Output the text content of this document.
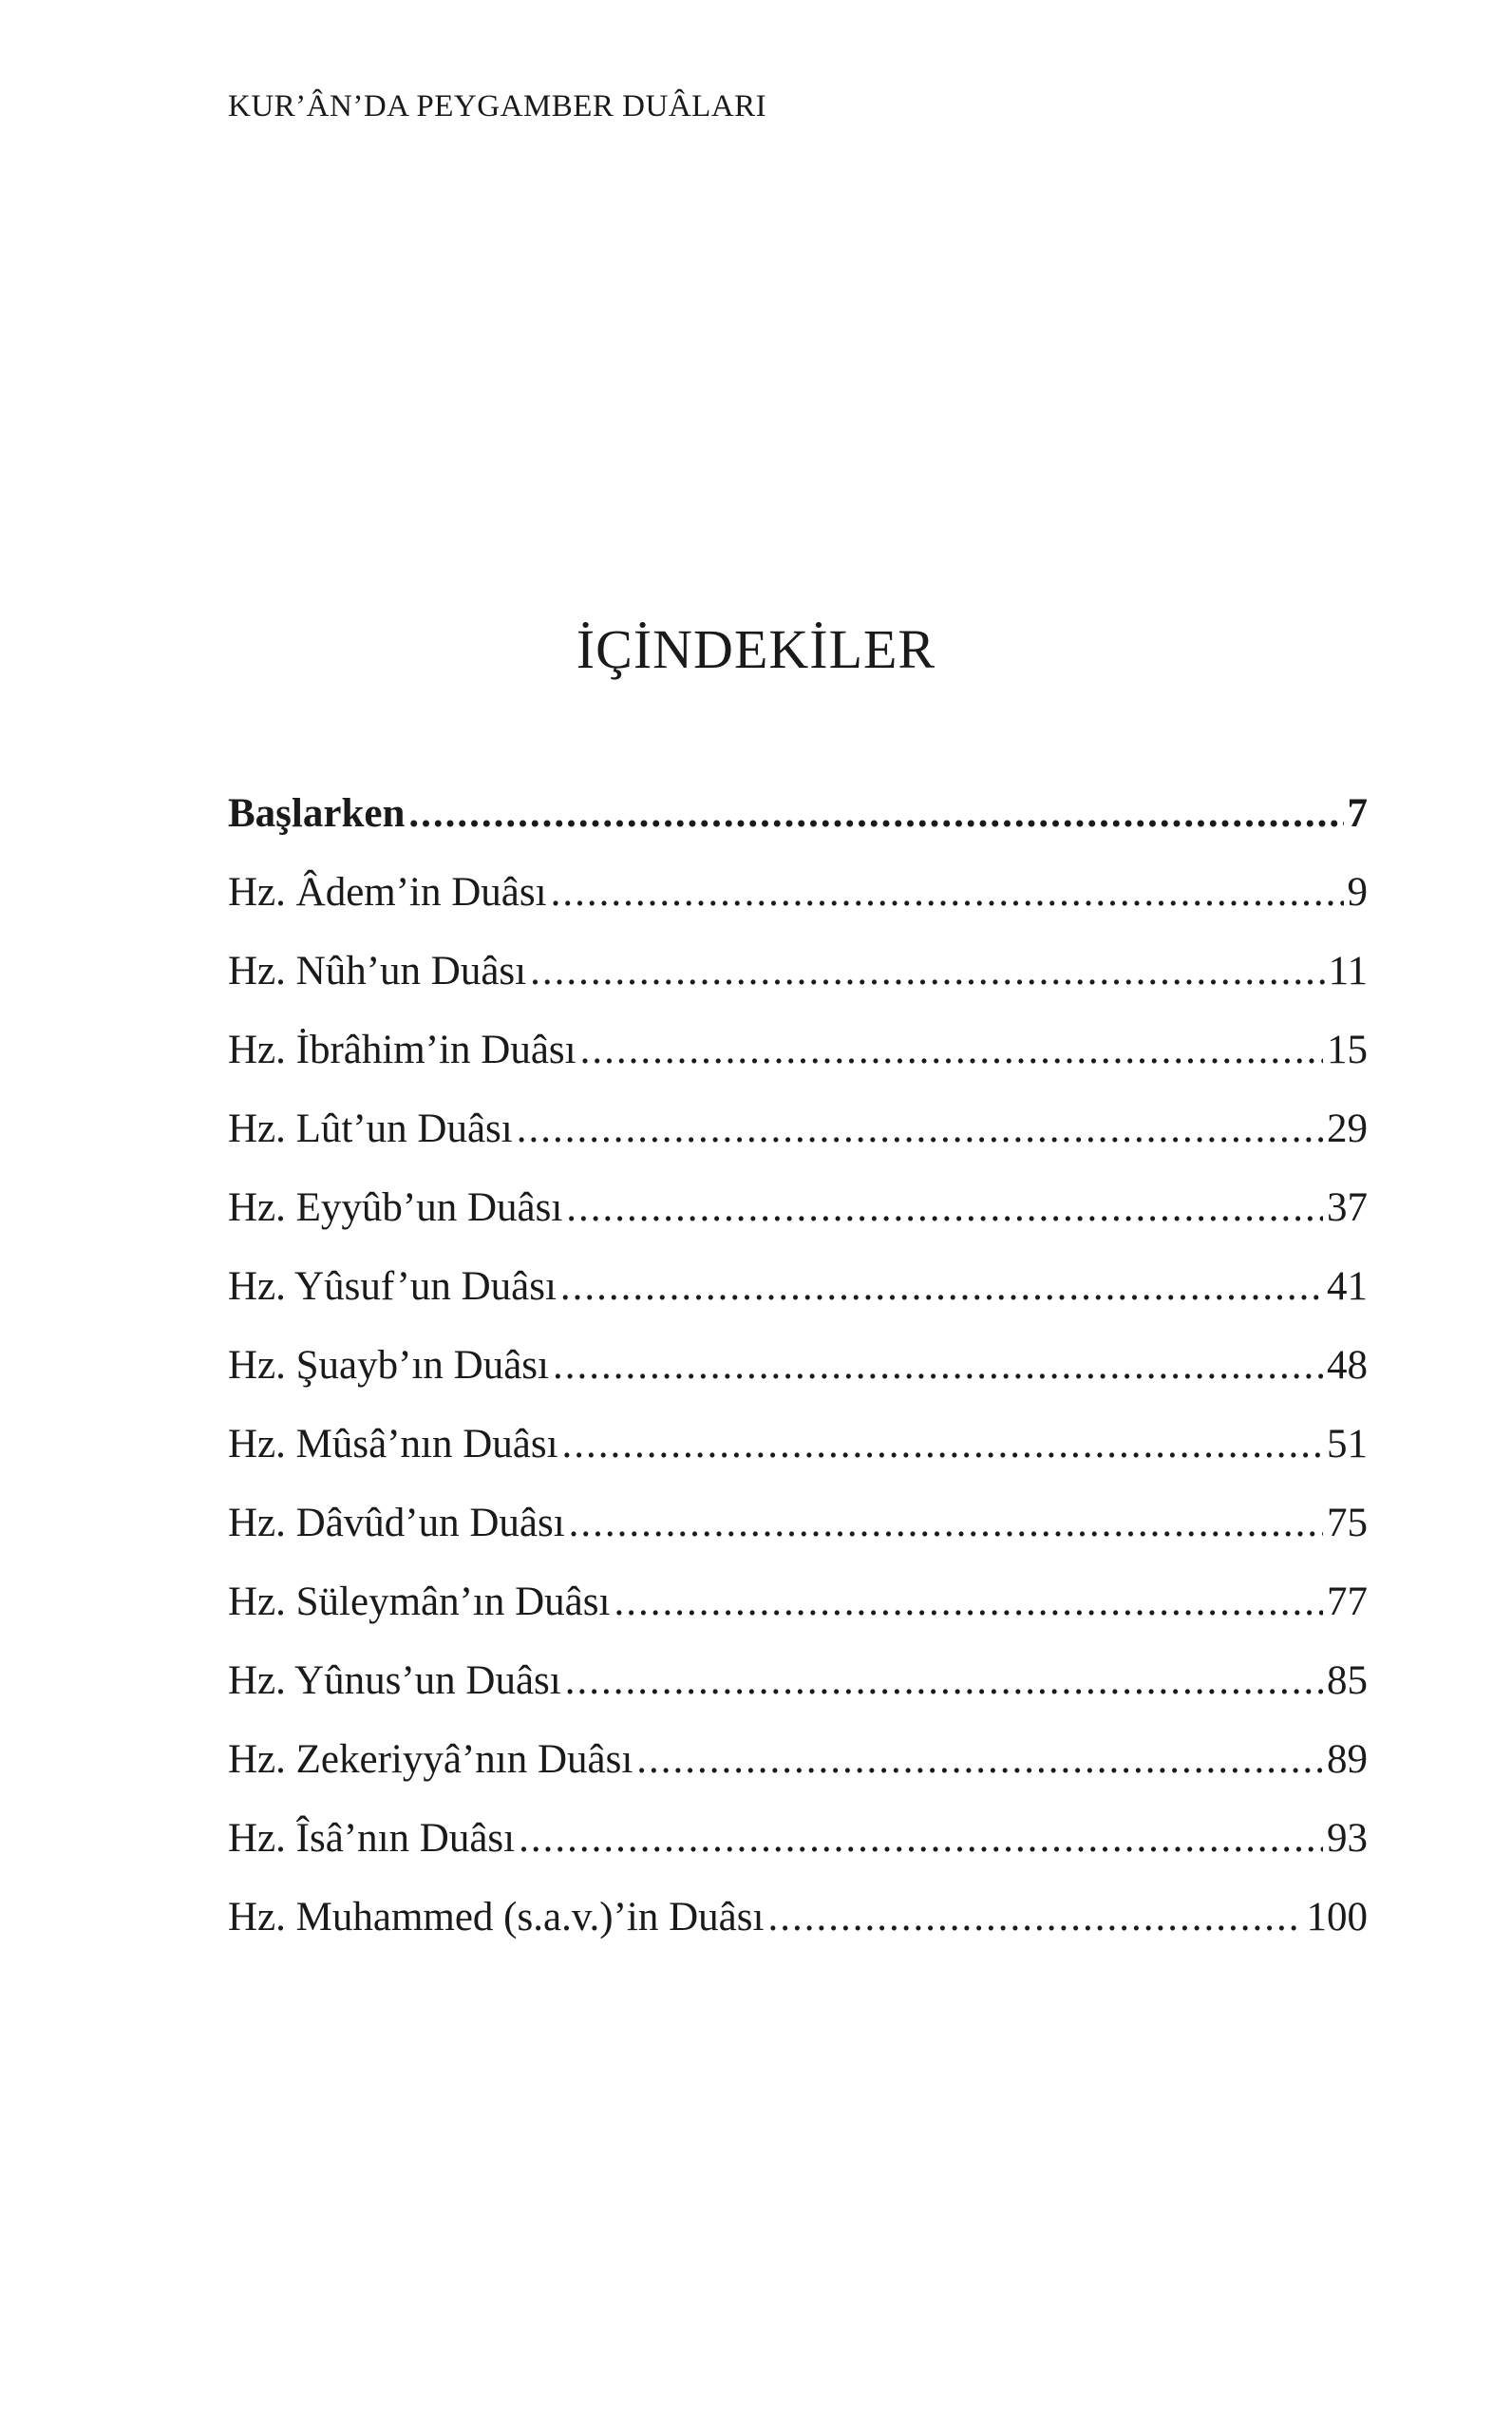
KUR’ÂN’DA PEYGAMBER DUÂLARI
İÇİNDEKİLER
Başlarken .....	7
Hz. Âdem’in Duâsı .....	9
Hz. Nûh’un Duâsı .....	11
Hz. İbrâhim’in Duâsı .....	15
Hz. Lût’un Duâsı .....	29
Hz. Eyyûb’un Duâsı .....	37
Hz. Yûsuf’un Duâsı .....	41
Hz. Şuayb’ın Duâsı .....	48
Hz. Mûsâ’nın Duâsı .....	51
Hz. Dâvûd’un Duâsı .....	75
Hz. Süleymân’ın Duâsı .....	77
Hz. Yûnus’un Duâsı .....	85
Hz. Zekeriyyâ’nın Duâsı .....	89
Hz. Îsâ’nın Duâsı .....	93
Hz. Muhammed (s.a.v.)’in Duâsı .....	100
